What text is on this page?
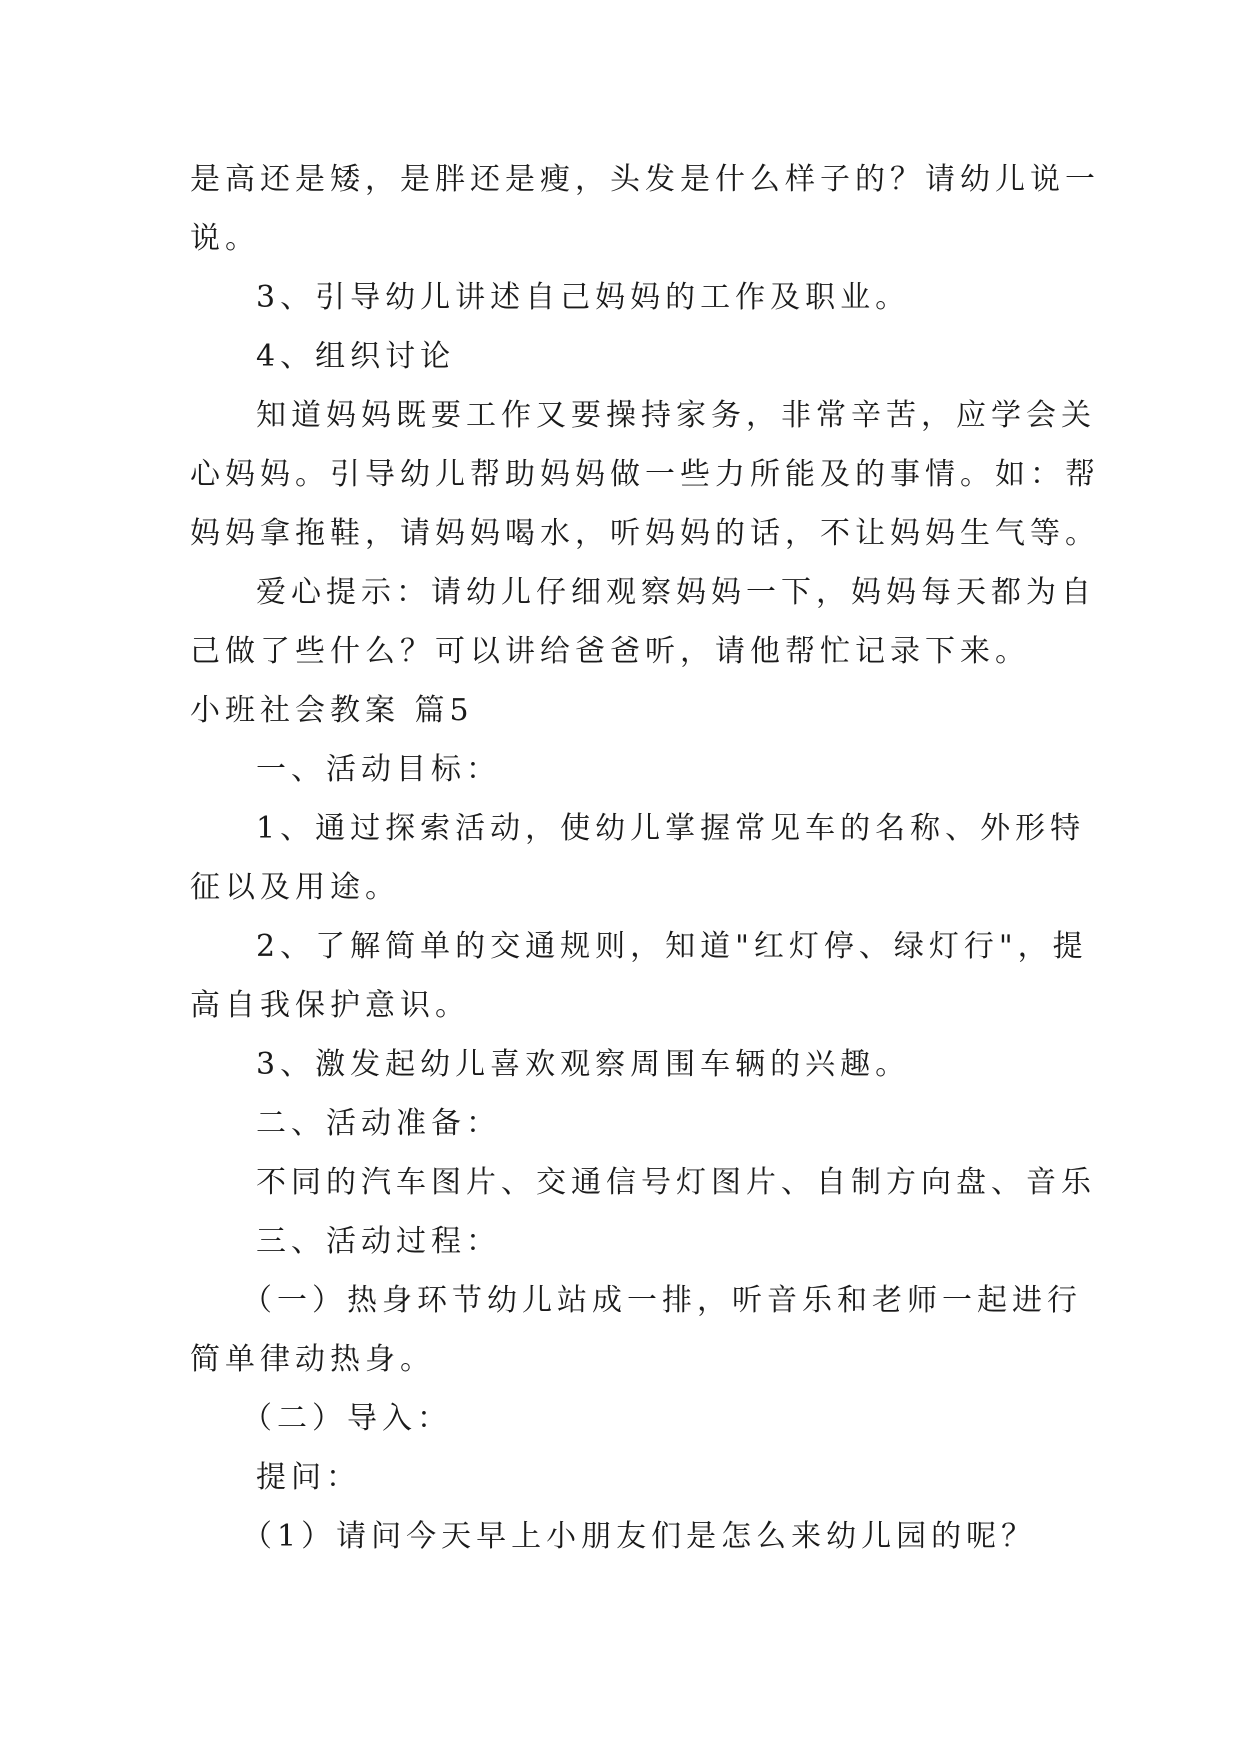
是高还是矮，是胖还是瘦，头发是什么样子的？请幼儿说一
说。
3、引导幼儿讲述自己妈妈的工作及职业。
4、组织讨论
知道妈妈既要工作又要操持家务，非常辛苦，应学会关
心妈妈。引导幼儿帮助妈妈做一些力所能及的事情。如：帮
妈妈拿拖鞋，请妈妈喝水，听妈妈的话，不让妈妈生气等。
爱心提示：请幼儿仔细观察妈妈一下，妈妈每天都为自
己做了些什么？可以讲给爸爸听，请他帮忙记录下来。
小班社会教案 篇5
一、活动目标：
1、通过探索活动，使幼儿掌握常见车的名称、外形特
征以及用途。
2、了解简单的交通规则，知道"红灯停、绿灯行"，提
高自我保护意识。
3、激发起幼儿喜欢观察周围车辆的兴趣。
二、活动准备：
不同的汽车图片、交通信号灯图片、自制方向盘、音乐
三、活动过程：
（一）热身环节幼儿站成一排，听音乐和老师一起进行
简单律动热身。
（二）导入：
提问：
（1）请问今天早上小朋友们是怎么来幼儿园的呢？
